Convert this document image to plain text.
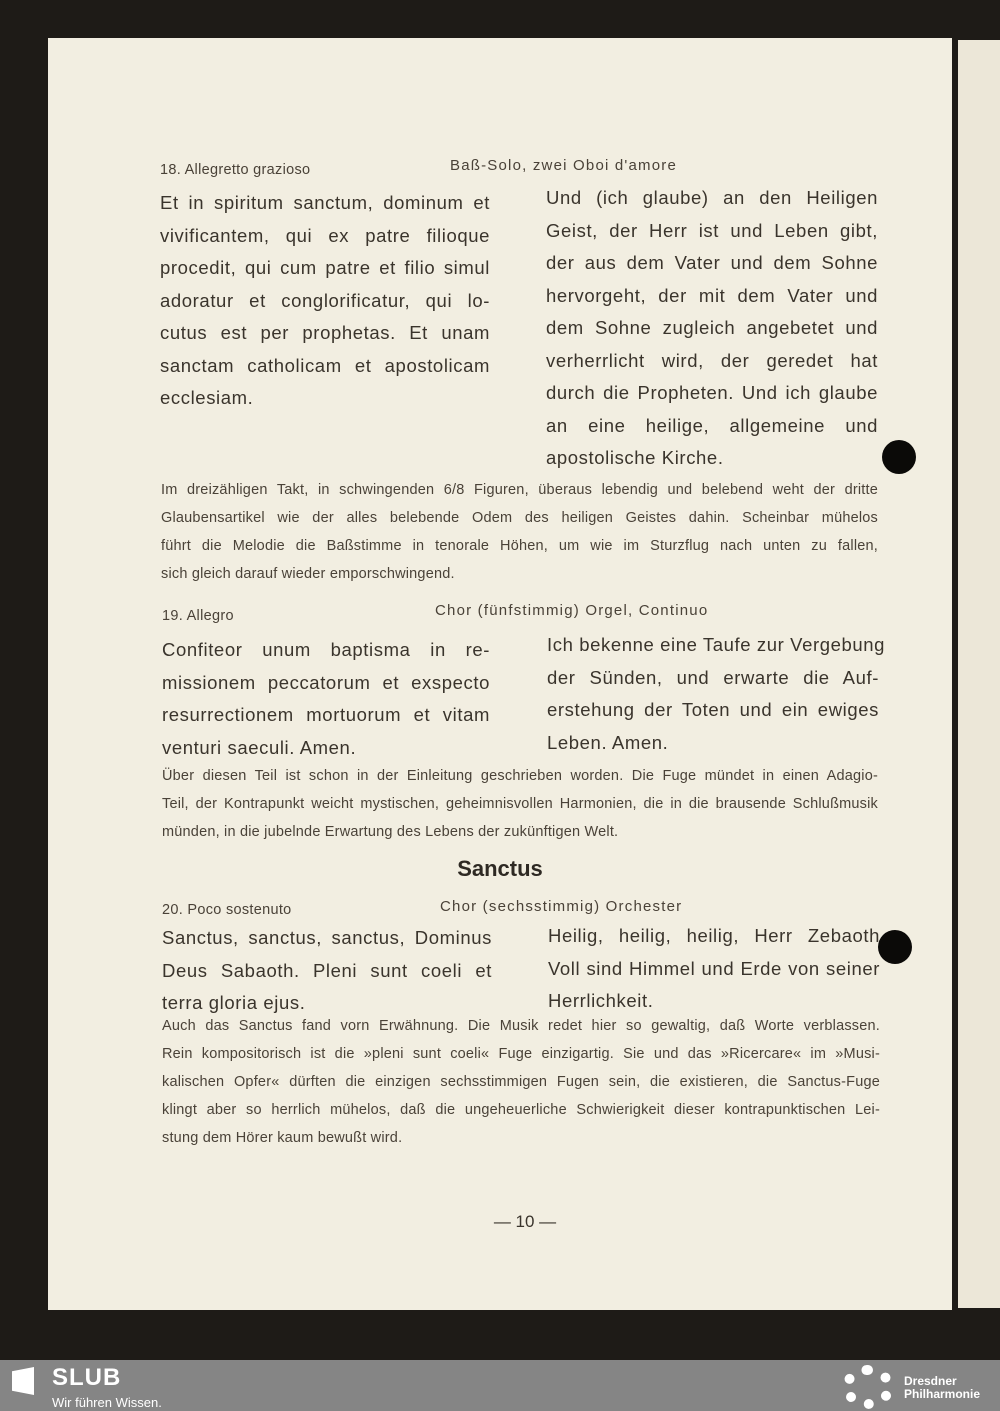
18. Allegretto grazioso	Baß-Solo, zwei Oboi d'amore
Et in spiritum sanctum, dominum et
vivificantem, qui ex patre filioque
procedit, qui cum patre et filio simul
adoratur et conglorificatur, qui lo-
cutus est per prophetas. Et unam
sanctam catholicam et apostolicam
ecclesiam.
Und (ich glaube) an den Heiligen
Geist, der Herr ist und Leben gibt,
der aus dem Vater und dem Sohne
hervorgeht, der mit dem Vater und
dem Sohne zugleich angebetet und
verherrlicht wird, der geredet hat
durch die Propheten. Und ich glaube
an eine heilige, allgemeine und
apostolische Kirche.
Im dreizähligen Takt, in schwingenden 6/8 Figuren, überaus lebendig und belebend weht der dritte
Glaubensartikel wie der alles belebende Odem des heiligen Geistes dahin. Scheinbar mühelos
führt die Melodie die Baßstimme in tenorale Höhen, um wie im Sturzflug nach unten zu fallen,
sich gleich darauf wieder emporschwingend.
19. Allegro	Chor (fünfstimmig) Orgel, Continuo
Confiteor unum baptisma in re-
missionem peccatorum et exspecto
resurrectionem mortuorum et vitam
venturi saeculi. Amen.
Ich bekenne eine Taufe zur Vergebung
der Sünden, und erwarte die Auf-
erstehung der Toten und ein ewiges
Leben. Amen.
Über diesen Teil ist schon in der Einleitung geschrieben worden. Die Fuge mündet in einen Adagio-
Teil, der Kontrapunkt weicht mystischen, geheimnisvollen Harmonien, die in die brausende Schlußmusik
münden, in die jubelnde Erwartung des Lebens der zukünftigen Welt.
Sanctus
20. Poco sostenuto	Chor (sechsstimmig) Orchester
Sanctus, sanctus, sanctus, Dominus
Deus Sabaoth. Pleni sunt coeli et
terra gloria ejus.
Heilig, heilig, heilig, Herr Zebaoth
Voll sind Himmel und Erde von seiner
Herrlichkeit.
Auch das Sanctus fand vorn Erwähnung. Die Musik redet hier so gewaltig, daß Worte verblassen.
Rein kompositorisch ist die »pleni sunt coeli« Fuge einzigartig. Sie und das »Ricercare« im »Musi-
kalischen Opfer« dürften die einzigen sechsstimmigen Fugen sein, die existieren, die Sanctus-Fuge
klingt aber so herrlich mühelos, daß die ungeheuerliche Schwierigkeit dieser kontrapunktischen Lei-
stung dem Hörer kaum bewußt wird.
— 10 —
SLUB
Wir führen Wissen.
Dresdner
Philharmonie
